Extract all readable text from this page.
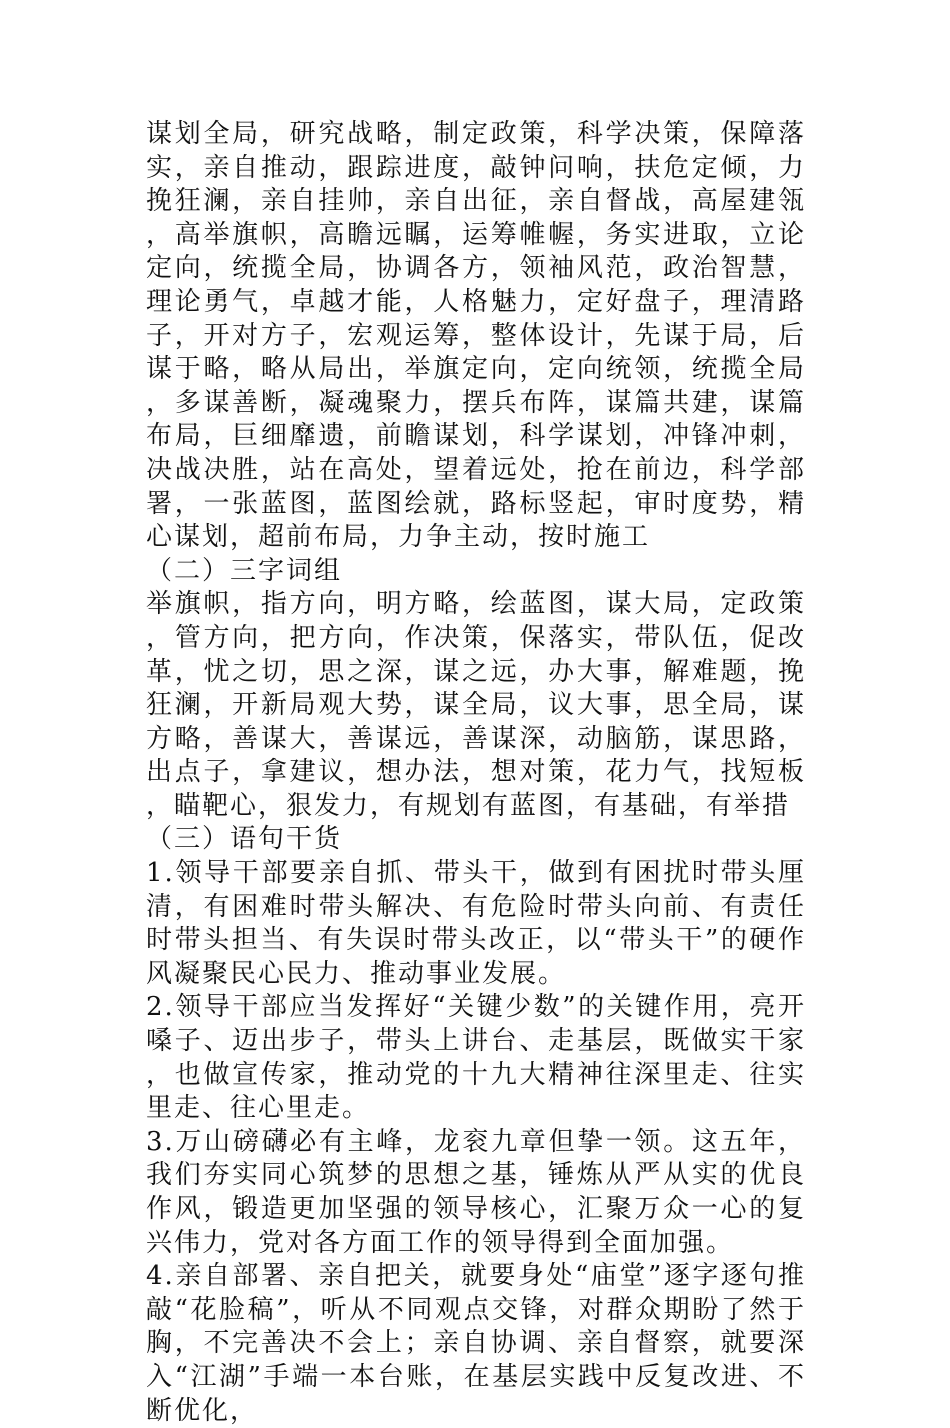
谋划全局，研究战略，制定政策，科学决策，保障落实，亲自推动，跟踪进度，敲钟问响，扶危定倾，力挽狂澜，亲自挂帅，亲自出征，亲自督战，高屋建瓴，高举旗帜，高瞻远瞩，运筹帷幄，务实进取，立论定向，统揽全局，协调各方，领袖风范，政治智慧，理论勇气，卓越才能，人格魅力，定好盘子，理清路子，开对方子，宏观运筹，整体设计，先谋于局，后谋于略，略从局出，举旗定向，定向统领，统揽全局，多谋善断，凝魂聚力，摆兵布阵，谋篇共建，谋篇布局，巨细靡遗，前瞻谋划，科学谋划，冲锋冲刺，决战决胜，站在高处，望着远处，抢在前边，科学部署，一张蓝图，蓝图绘就，路标竖起，审时度势，精心谋划，超前布局，力争主动，按时施工

（二）三字词组

举旗帜，指方向，明方略，绘蓝图，谋大局，定政策，管方向，把方向，作决策，保落实，带队伍，促改革，忧之切，思之深，谋之远，办大事，解难题，挽狂澜，开新局观大势，谋全局，议大事，思全局，谋方略，善谋大，善谋远，善谋深，动脑筋，谋思路，出点子，拿建议，想办法，想对策，花力气，找短板，瞄靶心，狠发力，有规划有蓝图，有基础，有举措

（三）语句干货

1.领导干部要亲自抓、带头干，做到有困扰时带头厘清，有困难时带头解决、有危险时带头向前、有责任时带头担当、有失误时带头改正，以“带头干”的硬作风凝聚民心民力、推动事业发展。

2.领导干部应当发挥好“关键少数”的关键作用，亮开嗓子、迈出步子，带头上讲台、走基层，既做实干家，也做宣传家，推动党的十九大精神往深里走、往实里走、往心里走。

3.万山磅礴必有主峰，龙衮九章但挚一领。这五年，我们夯实同心筑梦的思想之基，锤炼从严从实的优良作风，锻造更加坚强的领导核心，汇聚万众一心的复兴伟力，党对各方面工作的领导得到全面加强。

4.亲自部署、亲自把关，就要身处“庙堂”逐字逐句推敲“花脸稿”，听从不同观点交锋，对群众期盼了然于胸，不完善决不会上；亲自协调、亲自督察，就要深入“江湖”手端一本台账，在基层实践中反复改进、不断优化，
